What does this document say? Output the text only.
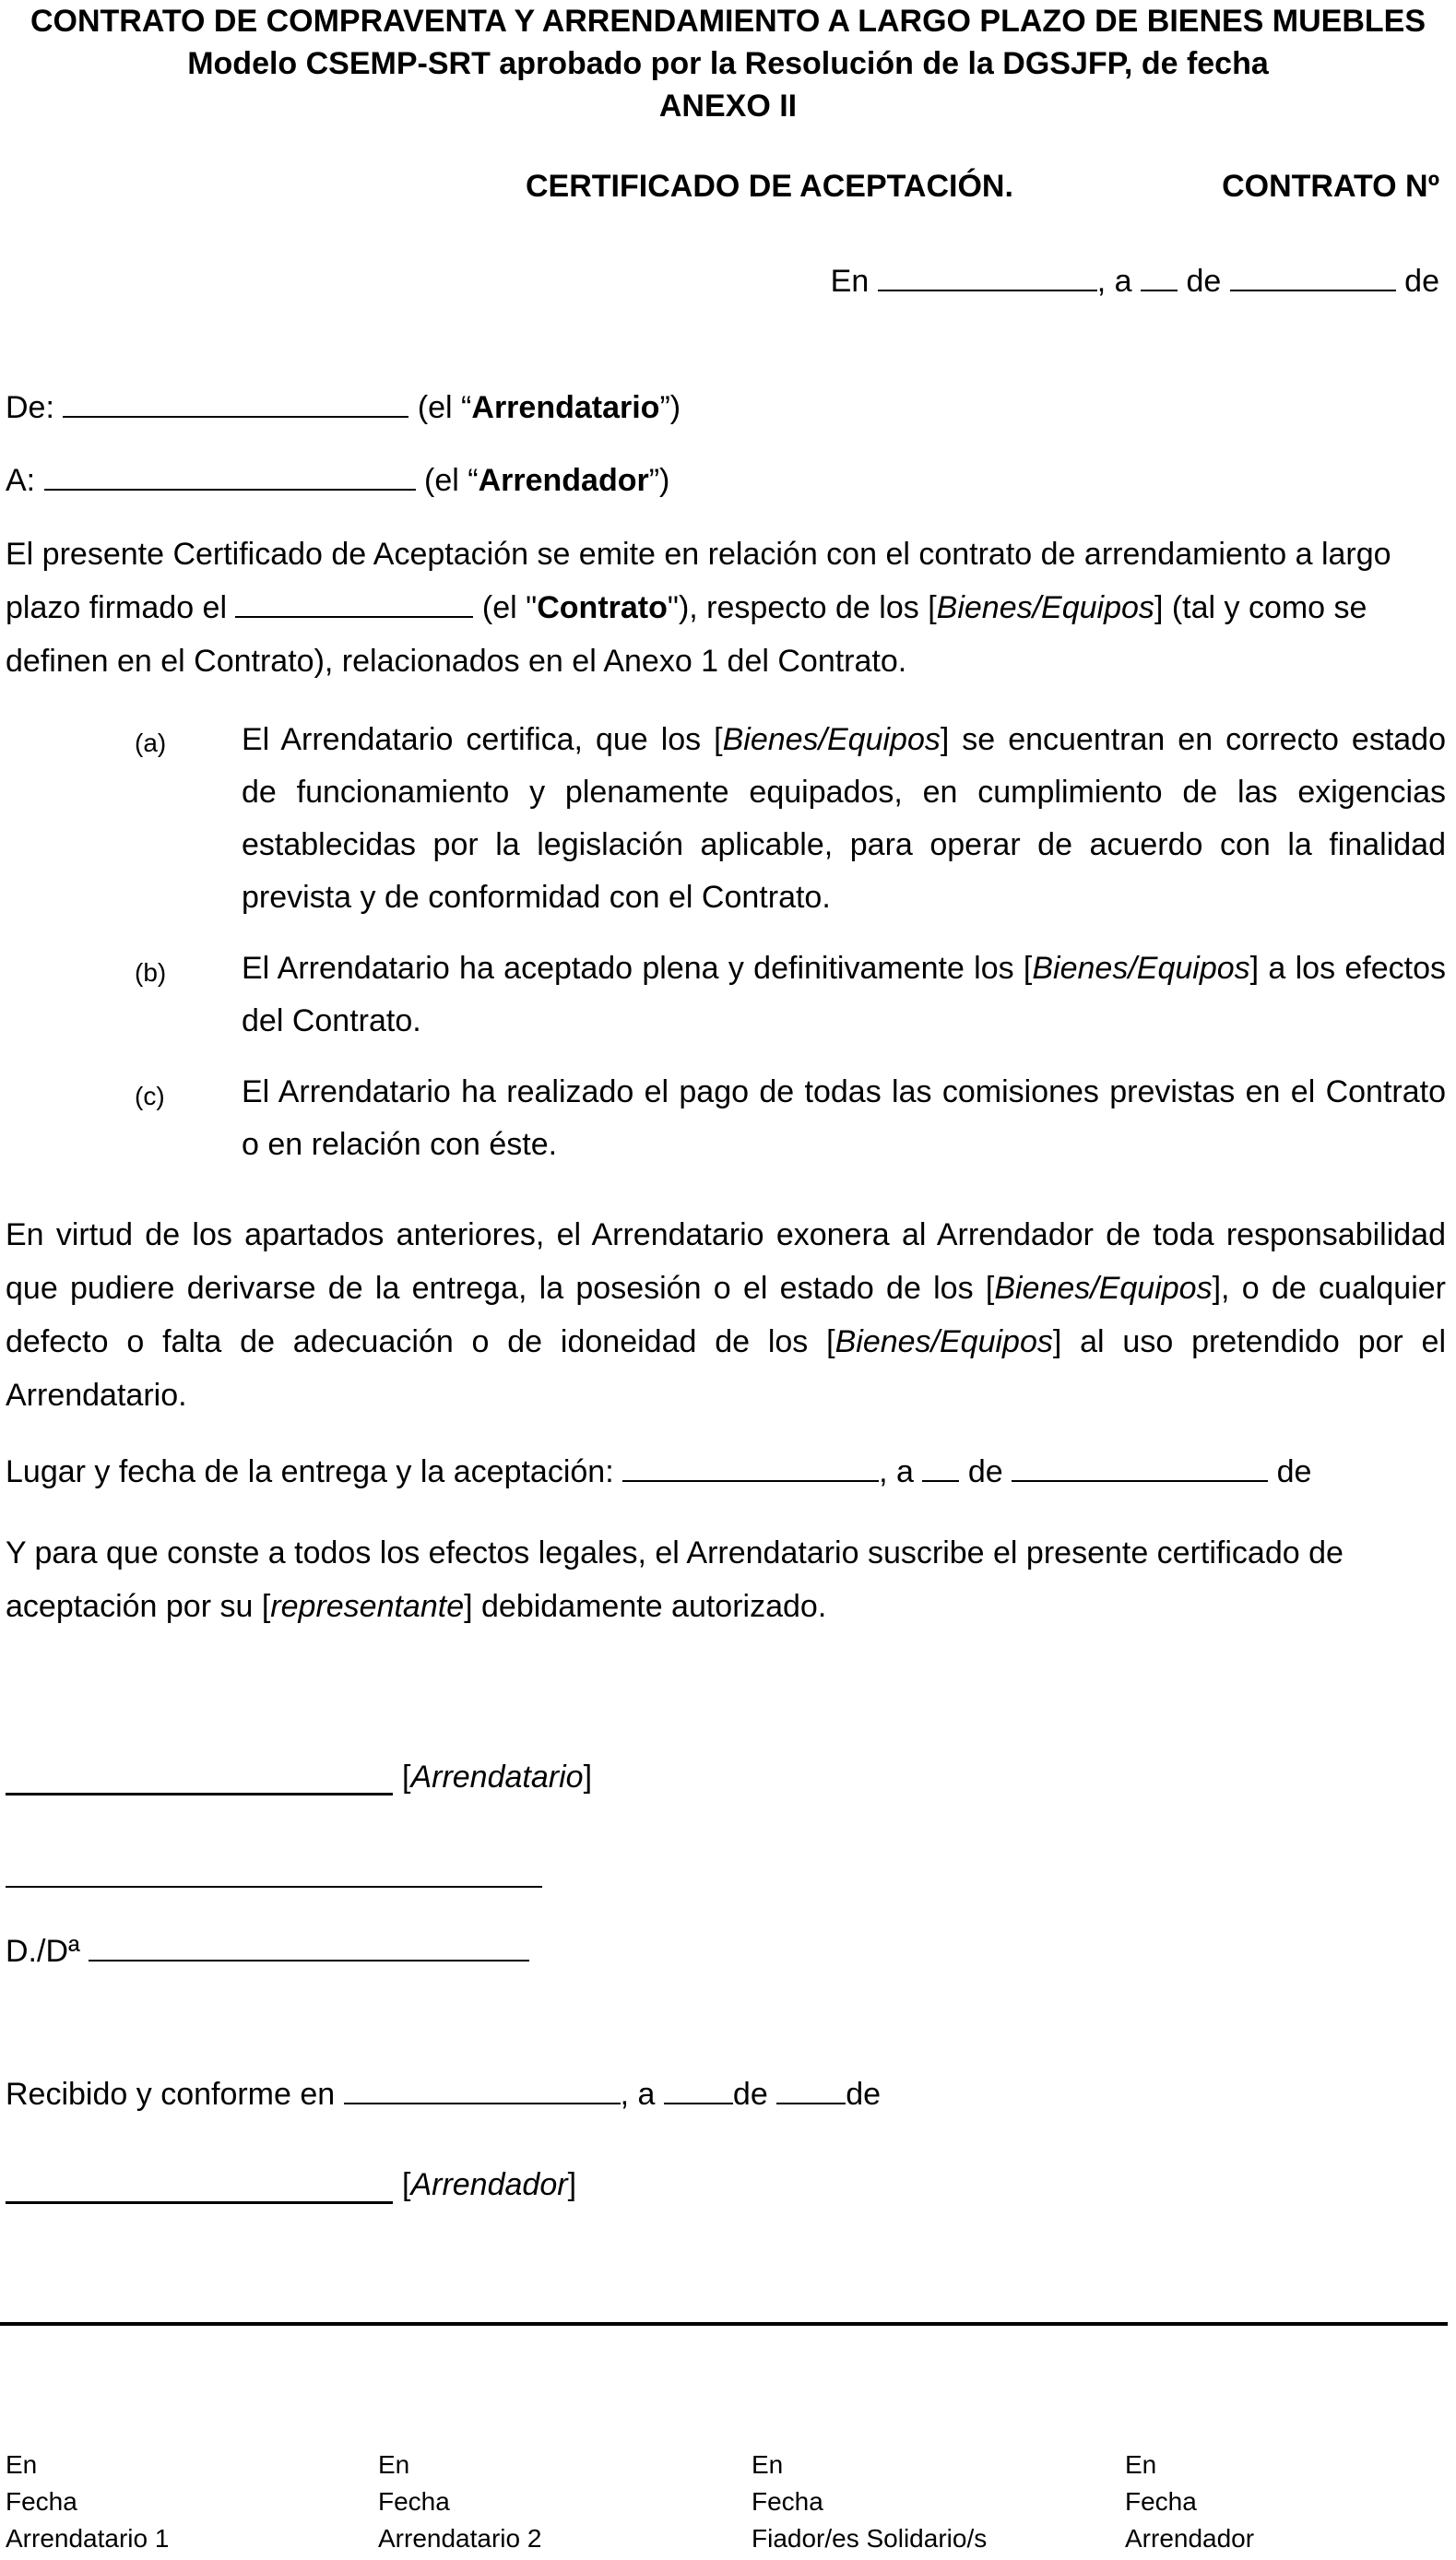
CONTRATO DE COMPRAVENTA Y ARRENDAMIENTO A LARGO PLAZO DE BIENES MUEBLES
Modelo CSEMP-SRT aprobado por la Resolución de la DGSJFP, de fecha
ANEXO II
CERTIFICADO DE ACEPTACIÓN.	CONTRATO Nº
En	, a de	de
De:	(el “Arrendatario”)
A:	(el “Arrendador”)
El presente Certificado de Aceptación se emite en relación con el contrato de arrendamiento a largo plazo firmado el	(el "Contrato"), respecto de los [Bienes/Equipos] (tal y como se definen en el Contrato), relacionados en el Anexo 1 del Contrato.
(a) El Arrendatario certifica, que los [Bienes/Equipos] se encuentran en correcto estado de funcionamiento y plenamente equipados, en cumplimiento de las exigencias establecidas por la legislación aplicable, para operar de acuerdo con la finalidad prevista y de conformidad con el Contrato.
(b) El Arrendatario ha aceptado plena y definitivamente los [Bienes/Equipos] a los efectos del Contrato.
(c) El Arrendatario ha realizado el pago de todas las comisiones previstas en el Contrato o en relación con éste.
En virtud de los apartados anteriores, el Arrendatario exonera al Arrendador de toda responsabilidad que pudiere derivarse de la entrega, la posesión o el estado de los [Bienes/Equipos], o de cualquier defecto o falta de adecuación o de idoneidad de los [Bienes/Equipos] al uso pretendido por el Arrendatario.
Lugar y fecha de la entrega y la aceptación:	, a de	de
Y para que conste a todos los efectos legales, el Arrendatario suscribe el presente certificado de aceptación por su [representante] debidamente autorizado.
[Arrendatario]
D./Dª
Recibido y conforme en	, a de de
[Arrendador]
En
Fecha
Arrendatario 1
En
Fecha
Arrendatario 2
En
Fecha
Fiador/es Solidario/s
En
Fecha
Arrendador
